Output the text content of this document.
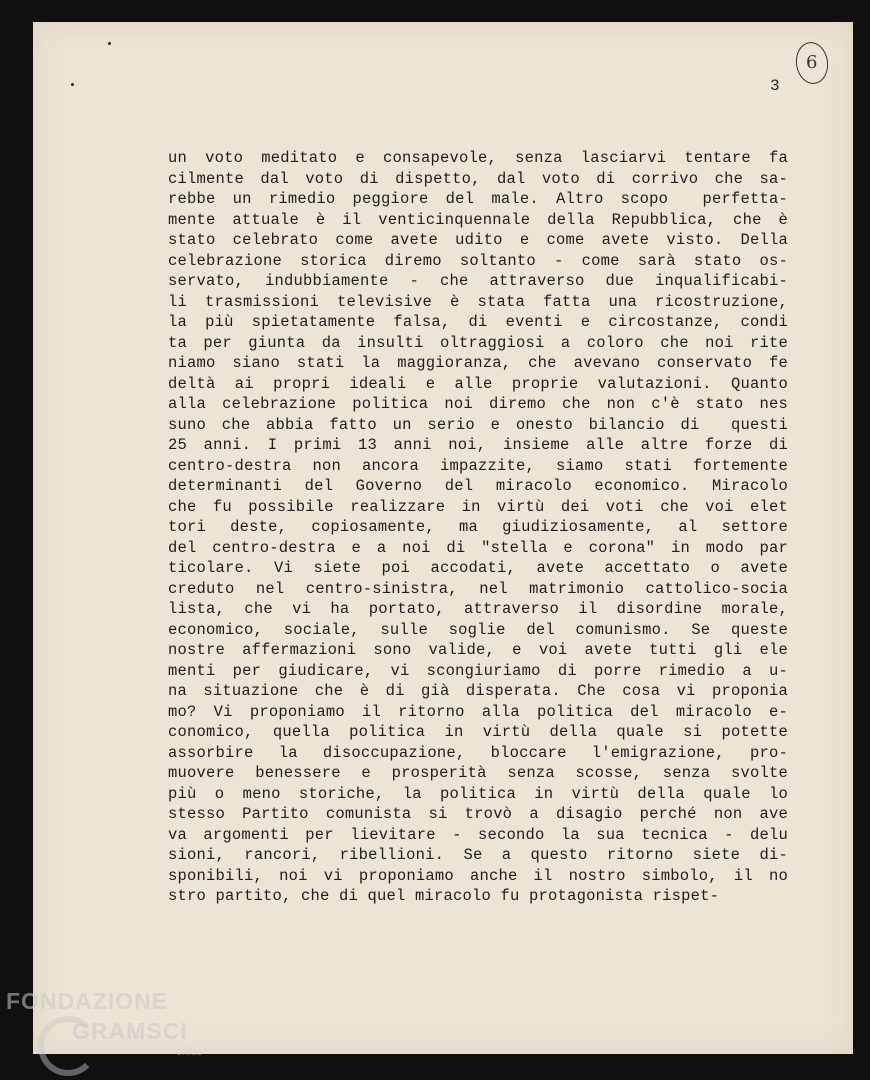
6
3
un voto meditato e consapevole, senza lasciarvi tentare fa
cilmente dal voto di dispetto, dal voto di corrivo che sa-
rebbe un rimedio peggiore del male. Altro scopo  perfetta-
mente attuale è il venticinquennale della Repubblica, che è
stato celebrato come avete udito e come avete visto. Della
celebrazione storica diremo soltanto - come sarà stato os-
servato, indubbiamente - che attraverso due inqualificabi-
li trasmissioni televisive è stata fatta una ricostruzione,
la più spietatamente falsa, di eventi e circostanze, condi
ta per giunta da insulti oltraggiosi a coloro che noi rite
niamo siano stati la maggioranza, che avevano conservato fe
deltà ai propri ideali e alle proprie valutazioni. Quanto
alla celebrazione politica noi diremo che non c'è stato nes
suno che abbia fatto un serio e onesto bilancio di  questi
25 anni. I primi 13 anni noi, insieme alle altre forze di
centro-destra non ancora impazzite, siamo stati fortemente
determinanti del Governo del miracolo economico. Miracolo
che fu possibile realizzare in virtù dei voti che voi elet
tori deste, copiosamente, ma giudiziosamente, al settore
del centro-destra e a noi di "stella e corona" in modo par
ticolare. Vi siete poi accodati, avete accettato o avete
creduto nel centro-sinistra, nel matrimonio cattolico-socia
lista, che vi ha portato, attraverso il disordine morale,
economico, sociale, sulle soglie del comunismo. Se queste
nostre affermazioni sono valide, e voi avete tutti gli ele
menti per giudicare, vi scongiuriamo di porre rimedio a u-
na situazione che è di già disperata. Che cosa vi proponia
mo? Vi proponiamo il ritorno alla politica del miracolo e-
conomico, quella politica in virtù della quale si potette
assorbire la disoccupazione, bloccare l'emigrazione, pro-
muovere benessere e prosperità senza scosse, senza svolte
più o meno storiche, la politica in virtù della quale lo
stesso Partito comunista si trovò a disagio perché non ave
va argomenti per lievitare - secondo la sua tecnica - delu
sioni, rancori, ribellioni. Se a questo ritorno siete di-
sponibili, noi vi proponiamo anche il nostro simbolo, il no
stro partito, che di quel miracolo fu protagonista rispet-
FONDAZIONE
GRAMSCI
onlus
